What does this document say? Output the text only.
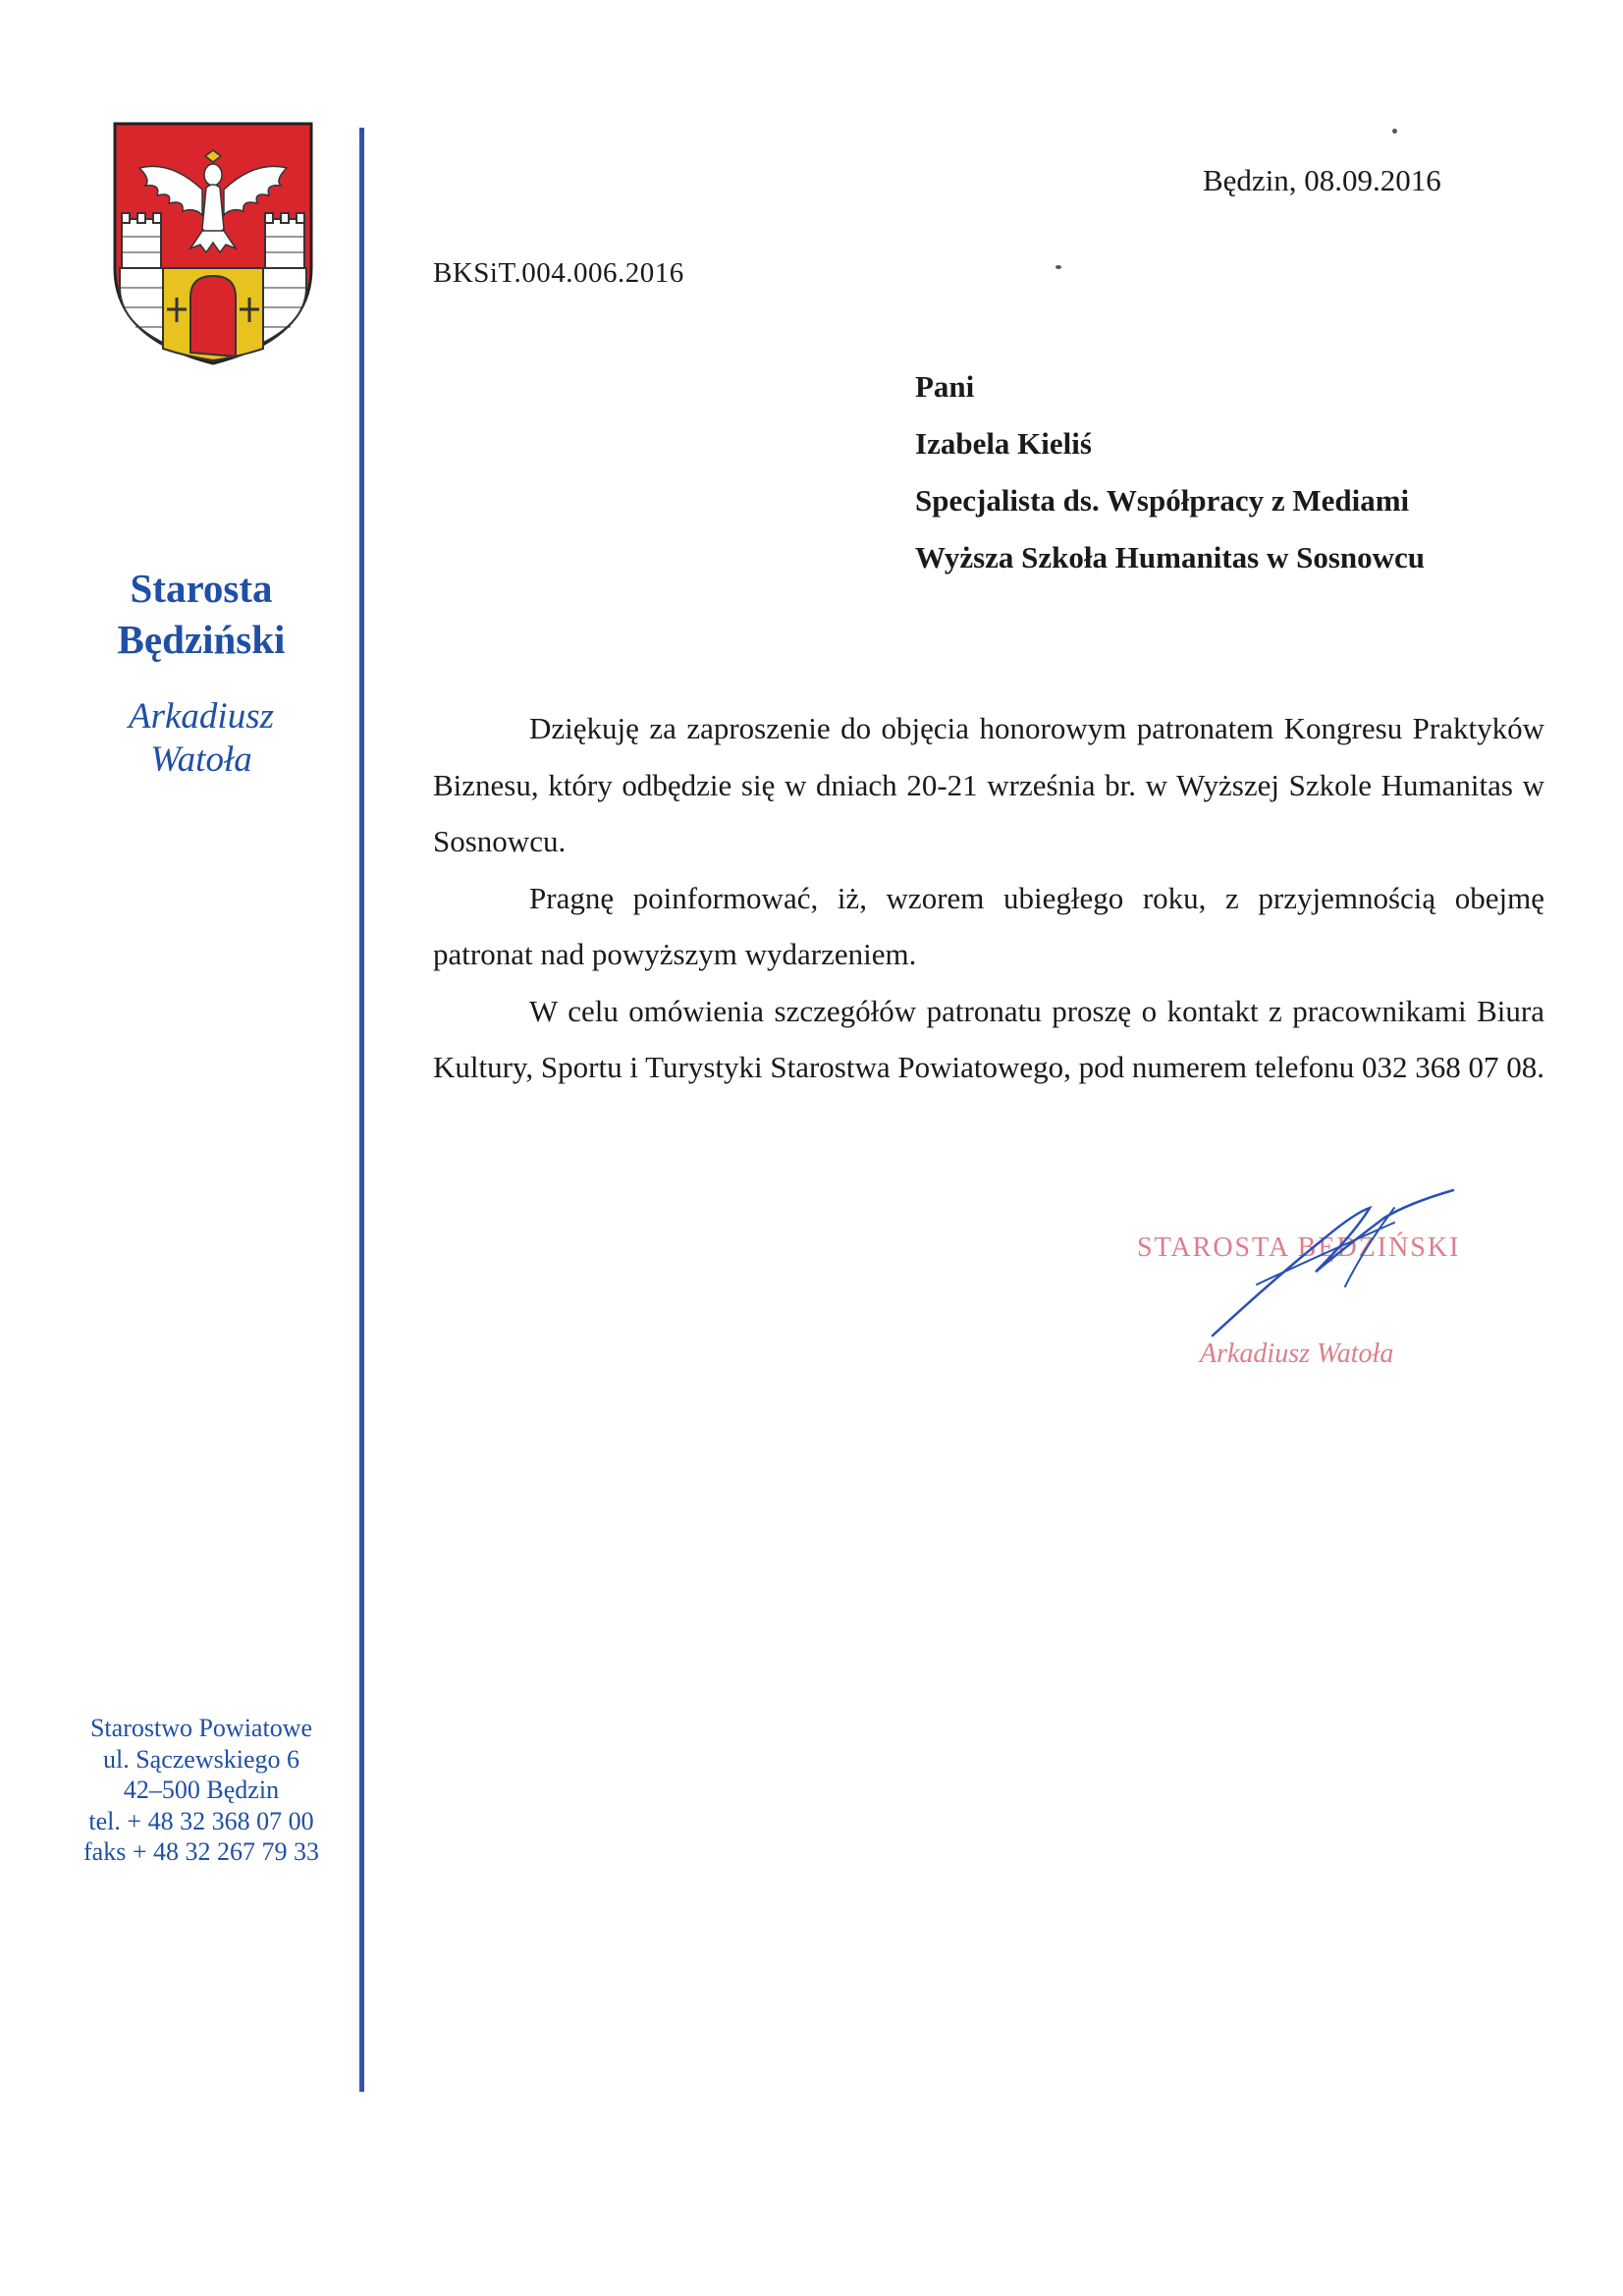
Starosta
Będziński
Arkadiusz
Watoła
Starostwo Powiatowe
ul. Sączewskiego 6
42–500 Będzin
tel. + 48 32 368 07 00
faks + 48 32 267 79 33
Będzin, 08.09.2016
BKSiT.004.006.2016
Pani
Izabela Kieliś
Specjalista ds. Współpracy z Mediami
Wyższa Szkoła Humanitas w Sosnowcu

Dziękuję za zaproszenie do objęcia honorowym patronatem Kongresu Praktyków Biznesu, który odbędzie się w dniach 20-21 września br. w Wyższej Szkole Humanitas w Sosnowcu.

Pragnę poinformować, iż, wzorem ubiegłego roku, z przyjemnością obejmę patronat nad powyższym wydarzeniem.

W celu omówienia szczegółów patronatu proszę o kontakt z pracownikami Biura Kultury, Sportu i Turystyki Starostwa Powiatowego, pod numerem telefonu 032 368 07 08.

STAROSTA BĘDZIŃSKI
Arkadiusz Watoła
